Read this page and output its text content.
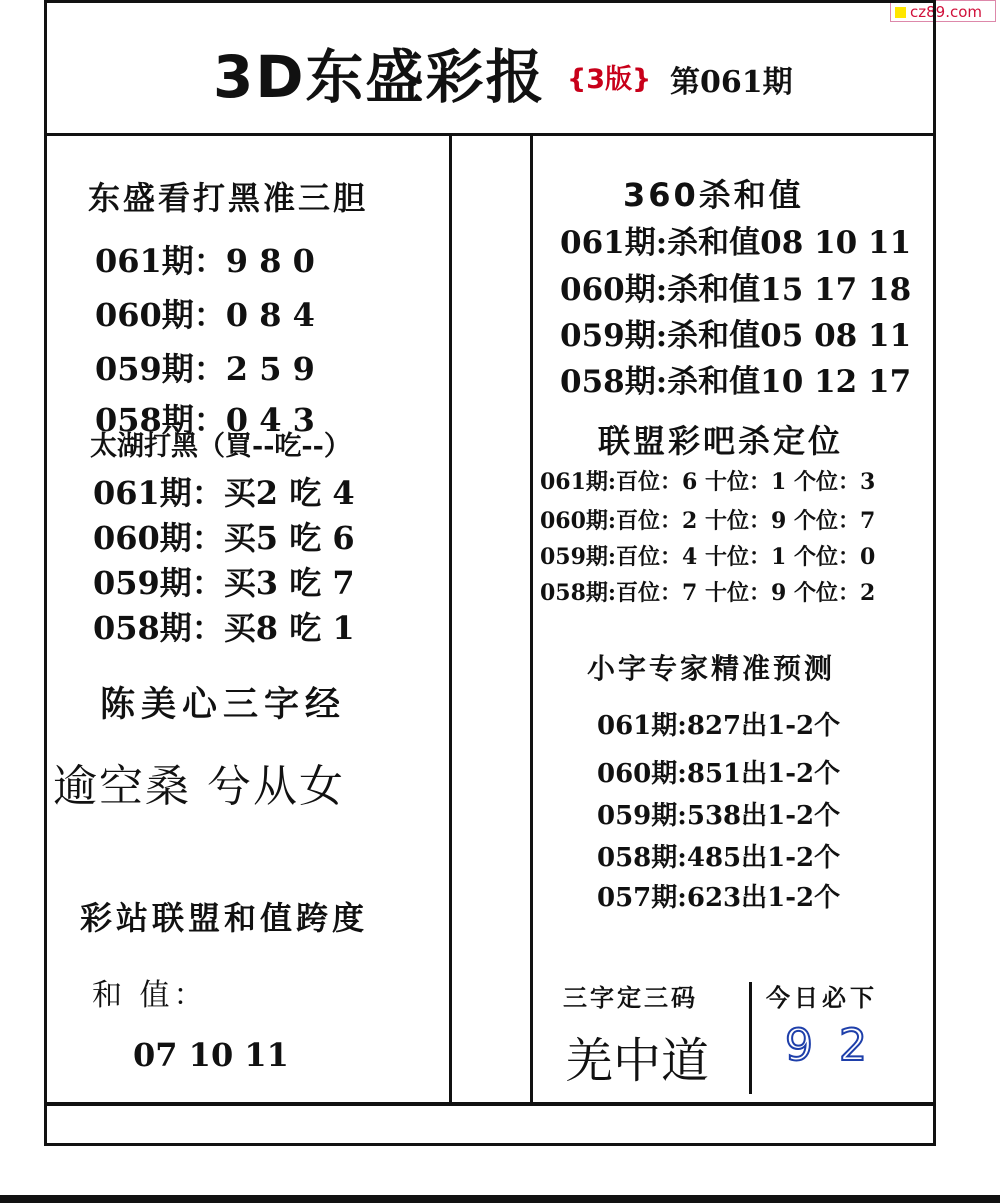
cz89.com
3D东盛彩报 {3版} 第061期
东盛看打黑准三胆
061期：9 8 0
060期：0 8 4
059期：2 5 9
058期：0 4 3
太湖打黑（買--吃--）
061期：买2 吃 4
060期：买5 吃 6
059期：买3 吃 7
058期：买8 吃 1
陈美心三字经
逾空桑 兮从女
彩站联盟和值跨度
和 值：
07 10 11
360杀和值
061期:杀和值08 10 11
060期:杀和值15 17 18
059期:杀和值05 08 11
058期:杀和值10 12 17
联盟彩吧杀定位
061期:百位：6 十位：1 个位：3
060期:百位：2 十位：9 个位：7
059期:百位：4 十位：1 个位：0
058期:百位：7 十位：9 个位：2
小字专家精准预测
061期:827出1-2个
060期:851出1-2个
059期:538出1-2个
058期:485出1-2个
057期:623出1-2个
三字定三码
羌中道
今日必下
9 2
